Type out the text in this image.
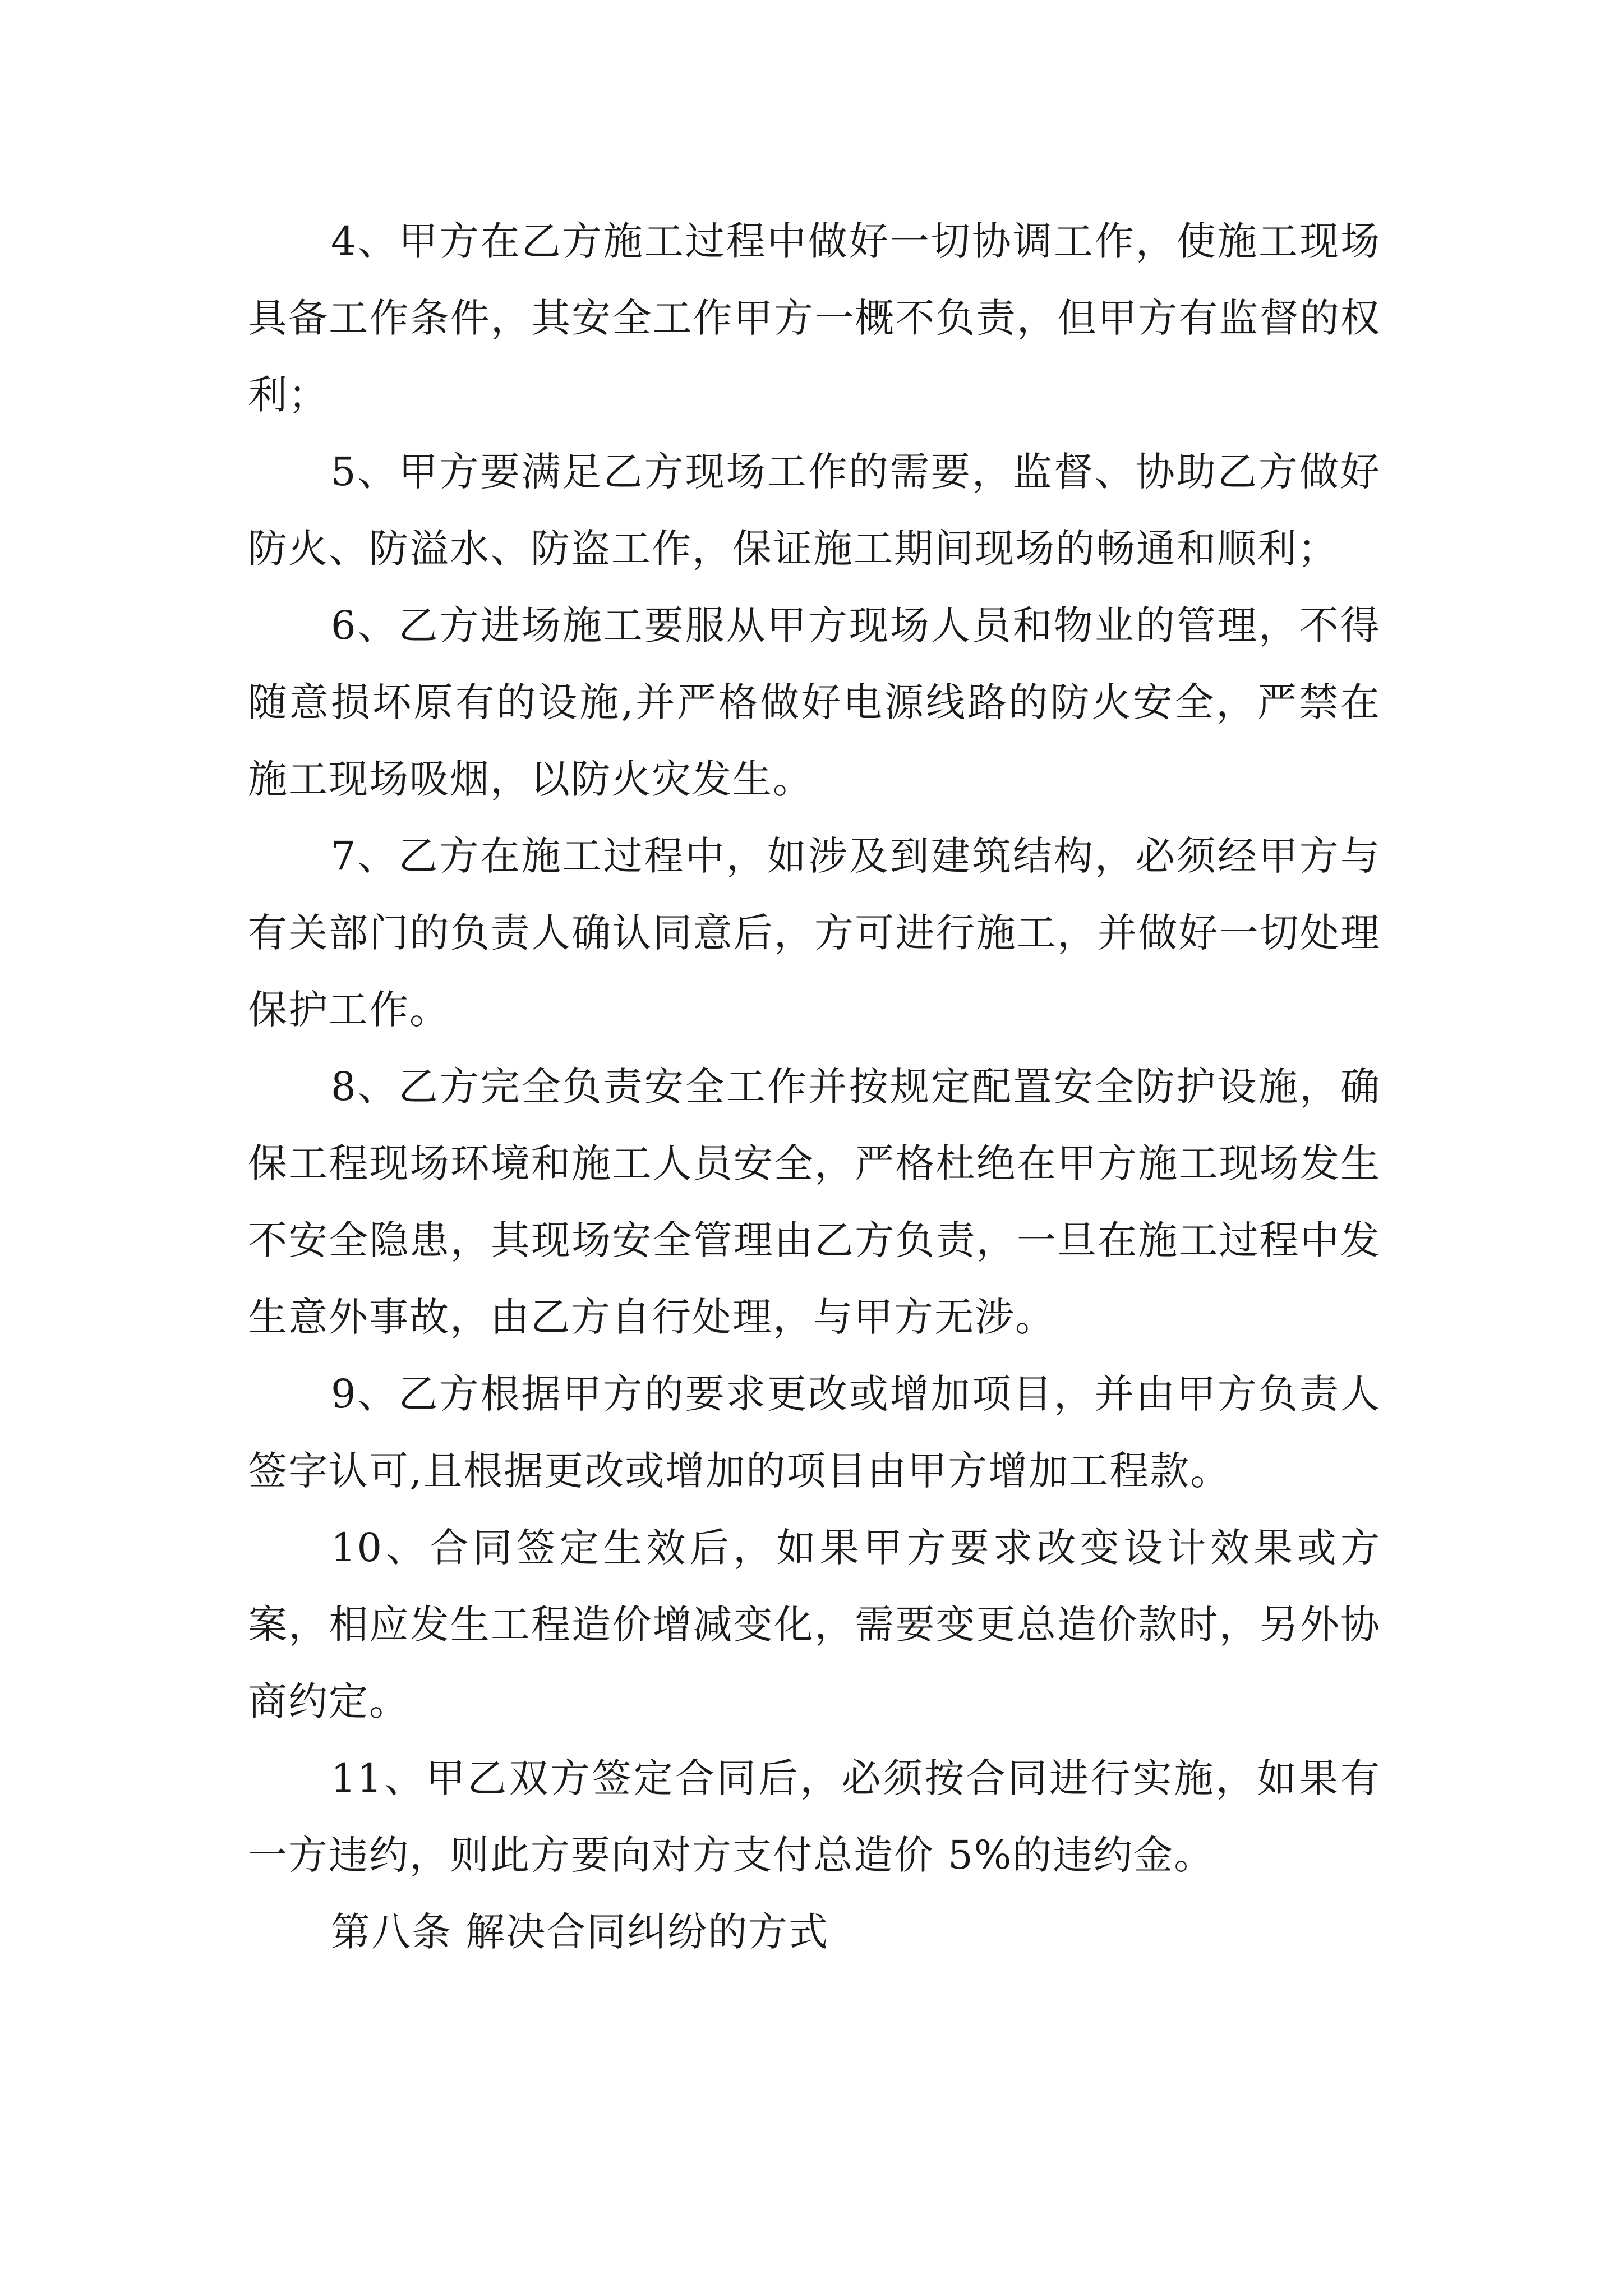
4、甲方在乙方施工过程中做好一切协调工作，使施工现场具备工作条件，其安全工作甲方一概不负责，但甲方有监督的权利；

5、甲方要满足乙方现场工作的需要，监督、协助乙方做好防火、防溢水、防盗工作，保证施工期间现场的畅通和顺利；

6、乙方进场施工要服从甲方现场人员和物业的管理，不得随意损坏原有的设施,并严格做好电源线路的防火安全，严禁在施工现场吸烟，以防火灾发生。

7、乙方在施工过程中，如涉及到建筑结构，必须经甲方与有关部门的负责人确认同意后，方可进行施工，并做好一切处理保护工作。

8、乙方完全负责安全工作并按规定配置安全防护设施，确保工程现场环境和施工人员安全，严格杜绝在甲方施工现场发生不安全隐患，其现场安全管理由乙方负责，一旦在施工过程中发生意外事故，由乙方自行处理，与甲方无涉。

9、乙方根据甲方的要求更改或增加项目，并由甲方负责人签字认可,且根据更改或增加的项目由甲方增加工程款。

10、合同签定生效后，如果甲方要求改变设计效果或方案，相应发生工程造价增减变化，需要变更总造价款时，另外协商约定。

11、甲乙双方签定合同后，必须按合同进行实施，如果有一方违约，则此方要向对方支付总造价 5%的违约金。

第八条 解决合同纠纷的方式
